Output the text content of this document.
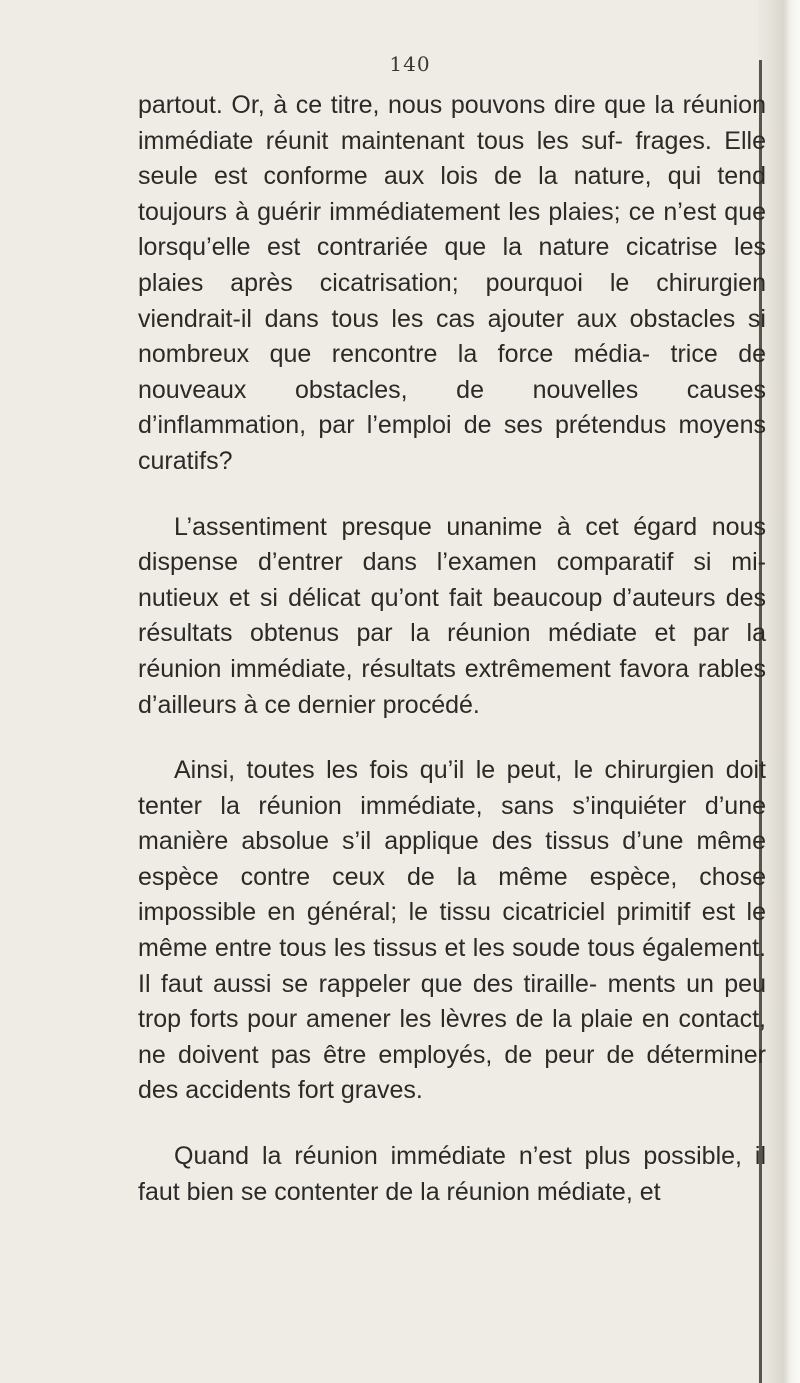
140

partout. Or, à ce titre, nous pouvons dire que la réunion immédiate réunit maintenant tous les suf- frages. Elle seule est conforme aux lois de la nature, qui tend toujours à guérir immédiatement les plaies; ce n’est que lorsqu’elle est contrariée que la nature cicatrise les plaies après cicatrisation; pourquoi le chirurgien viendrait-il dans tous les cas ajouter aux obstacles si nombreux que rencontre la force média- trice de nouveaux obstacles, de nouvelles causes d’inflammation, par l’emploi de ses prétendus moyens curatifs?

L’assentiment presque unanime à cet égard nous dispense d’entrer dans l’examen comparatif si mi- nutieux et si délicat qu’ont fait beaucoup d’auteurs des résultats obtenus par la réunion médiate et par la réunion immédiate, résultats extrêmement favora rables d’ailleurs à ce dernier procédé.

Ainsi, toutes les fois qu’il le peut, le chirurgien doit tenter la réunion immédiate, sans s’inquiéter d’une manière absolue s’il applique des tissus d’une même espèce contre ceux de la même espèce, chose impossible en général; le tissu cicatriciel primitif est le même entre tous les tissus et les soude tous également. Il faut aussi se rappeler que des tiraille- ments un peu trop forts pour amener les lèvres de la plaie en contact, ne doivent pas être employés, de peur de déterminer des accidents fort graves.

Quand la réunion immédiate n’est plus possible, il faut bien se contenter de la réunion médiate, et
